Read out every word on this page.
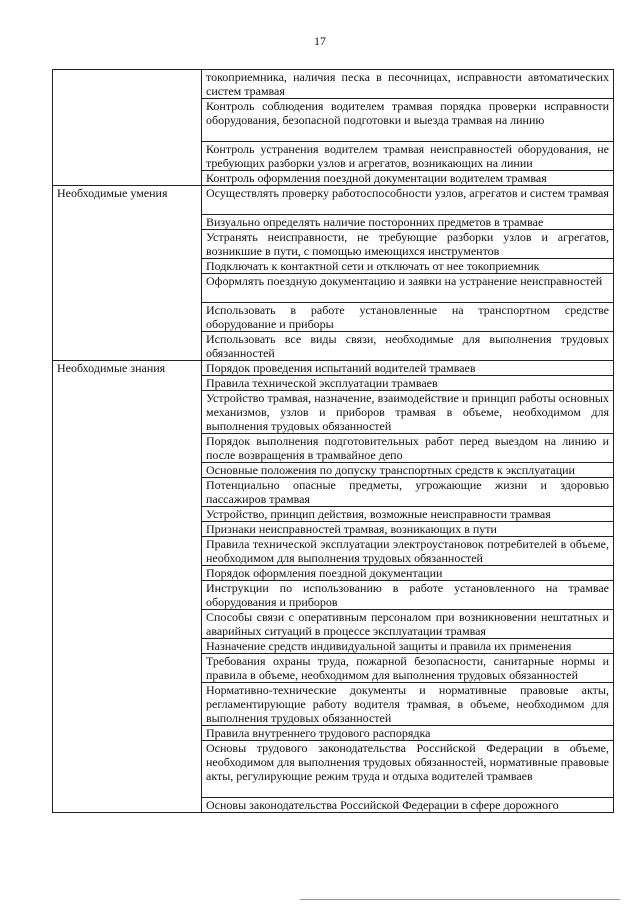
17
	токоприемника, наличия песка в песочницах, исправности автоматических систем трамвая
	Контроль соблюдения водителем трамвая порядка проверки исправности оборудования, безопасной подготовки и выезда трамвая на линию
	Контроль устранения водителем трамвая неисправностей оборудования, не требующих разборки узлов и агрегатов, возникающих на линии
	Контроль оформления поездной документации водителем трамвая
Необходимые умения	Осуществлять проверку работоспособности узлов, агрегатов и систем трамвая
	Визуально определять наличие посторонних предметов в трамвае
	Устранять неисправности, не требующие разборки узлов и агрегатов, возникшие в пути, с помощью имеющихся инструментов
	Подключать к контактной сети и отключать от нее токоприемник
	Оформлять поездную документацию и заявки на устранение неисправностей
	Использовать в работе установленные на транспортном средстве оборудование и приборы
	Использовать все виды связи, необходимые для выполнения трудовых обязанностей
Необходимые знания	Порядок проведения испытаний водителей трамваев
	Правила технической эксплуатации трамваев
	Устройство трамвая, назначение, взаимодействие и принцип работы основных механизмов, узлов и приборов трамвая в объеме, необходимом для выполнения трудовых обязанностей
	Порядок выполнения подготовительных работ перед выездом на линию и после возвращения в трамвайное депо
	Основные положения по допуску транспортных средств к эксплуатации
	Потенциально опасные предметы, угрожающие жизни и здоровью пассажиров трамвая
	Устройство, принцип действия, возможные неисправности трамвая
	Признаки неисправностей трамвая, возникающих в пути
	Правила технической эксплуатации электроустановок потребителей в объеме, необходимом для выполнения трудовых обязанностей
	Порядок оформления поездной документации
	Инструкции по использованию в работе установленного на трамвае оборудования и приборов
	Способы связи с оперативным персоналом при возникновении нештатных и аварийных ситуаций в процессе эксплуатации трамвая
	Назначение средств индивидуальной защиты и правила их применения
	Требования охраны труда, пожарной безопасности, санитарные нормы и правила в объеме, необходимом для выполнения трудовых обязанностей
	Нормативно-технические документы и нормативные правовые акты, регламентирующие работу водителя трамвая, в объеме, необходимом для выполнения трудовых обязанностей
	Правила внутреннего трудового распорядка
	Основы трудового законодательства Российской Федерации в объеме, необходимом для выполнения трудовых обязанностей, нормативные правовые акты, регулирующие режим труда и отдыха водителей трамваев
	Основы законодательства Российской Федерации в сфере дорожного
